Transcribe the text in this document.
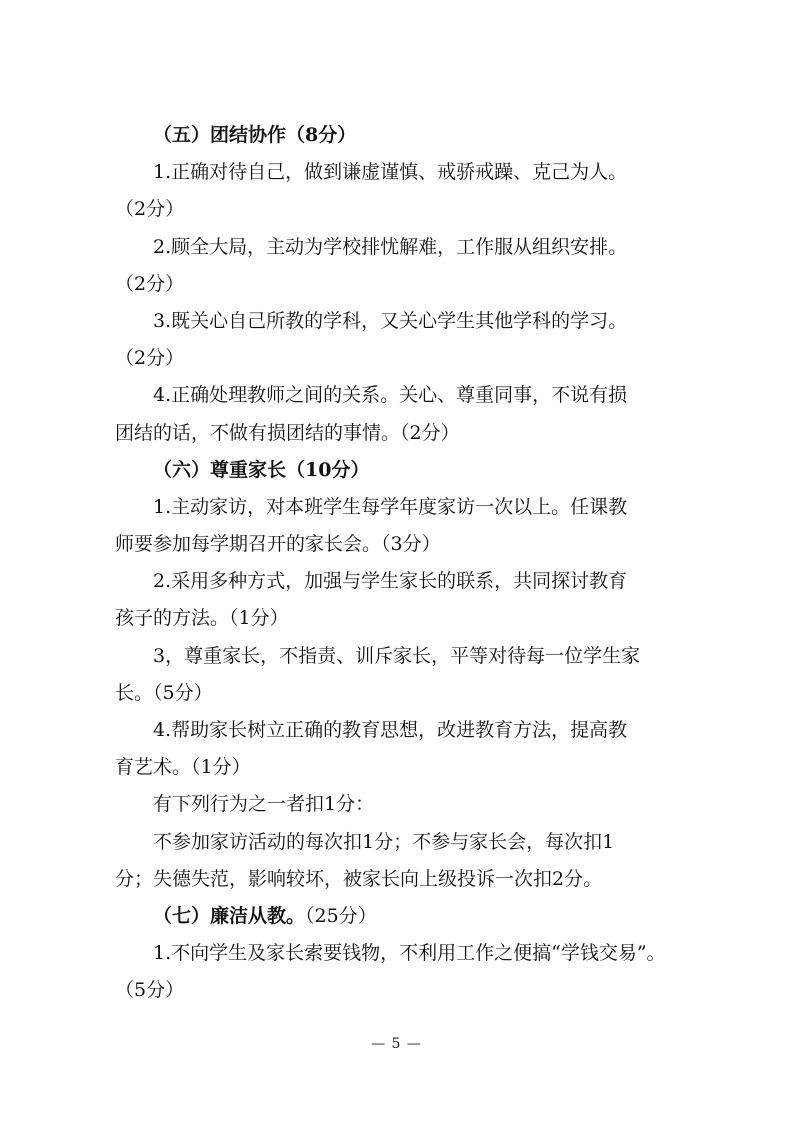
（五）团结协作（8分）
1.正确对待自己，做到谦虚谨慎、戒骄戒躁、克己为人。
（2分）
2.顾全大局，主动为学校排忧解难，工作服从组织安排。
（2分）
3.既关心自己所教的学科，又关心学生其他学科的学习。
（2分）
4.正确处理教师之间的关系。关心、尊重同事，不说有损
团结的话，不做有损团结的事情。（2分）
（六）尊重家长（10分）
1.主动家访，对本班学生每学年度家访一次以上。任课教
师要参加每学期召开的家长会。（3分）
2.采用多种方式，加强与学生家长的联系，共同探讨教育
孩子的方法。（1分）
3，尊重家长，不指责、训斥家长，平等对待每一位学生家
长。（5分）
4.帮助家长树立正确的教育思想，改进教育方法，提高教
育艺术。（1分）
有下列行为之一者扣1分：
不参加家访活动的每次扣1分；不参与家长会，每次扣1
分；失德失范，影响较坏，被家长向上级投诉一次扣2分。
（七）廉洁从教。（25分）
1.不向学生及家长索要钱物，不利用工作之便搞“学钱交易”。
（5分）
— 5 —
